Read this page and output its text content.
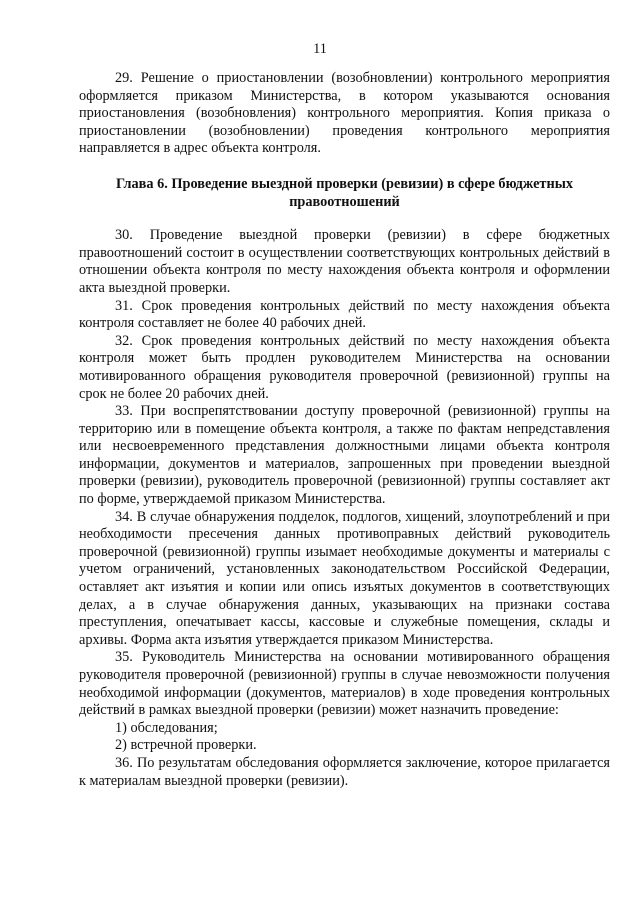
11

29. Решение о приостановлении (возобновлении) контрольного мероприятия оформляется приказом Министерства, в котором указываются основания приостановления (возобновления) контрольного мероприятия. Копия приказа о приостановлении (возобновлении) проведения контрольного мероприятия направляется в адрес объекта контроля.

Глава 6. Проведение выездной проверки (ревизии) в сфере бюджетных правоотношений

30. Проведение выездной проверки (ревизии) в сфере бюджетных правоотношений состоит в осуществлении соответствующих контрольных действий в отношении объекта контроля по месту нахождения объекта контроля и оформлении акта выездной проверки.

31. Срок проведения контрольных действий по месту нахождения объекта контроля составляет не более 40 рабочих дней.

32. Срок проведения контрольных действий по месту нахождения объекта контроля может быть продлен руководителем Министерства на основании мотивированного обращения руководителя проверочной (ревизионной) группы на срок не более 20 рабочих дней.

33. При воспрепятствовании доступу проверочной (ревизионной) группы на территорию или в помещение объекта контроля, а также по фактам непредставления или несвоевременного представления должностными лицами объекта контроля информации, документов и материалов, запрошенных при проведении выездной проверки (ревизии), руководитель проверочной (ревизионной) группы составляет акт по форме, утверждаемой приказом Министерства.

34. В случае обнаружения подделок, подлогов, хищений, злоупотреблений и при необходимости пресечения данных противоправных действий руководитель проверочной (ревизионной) группы изымает необходимые документы и материалы с учетом ограничений, установленных законодательством Российской Федерации, оставляет акт изъятия и копии или опись изъятых документов в соответствующих делах, а в случае обнаружения данных, указывающих на признаки состава преступления, опечатывает кассы, кассовые и служебные помещения, склады и архивы. Форма акта изъятия утверждается приказом Министерства.

35. Руководитель Министерства на основании мотивированного обращения руководителя проверочной (ревизионной) группы в случае невозможности получения необходимой информации (документов, материалов) в ходе проведения контрольных действий в рамках выездной проверки (ревизии) может назначить проведение:

1) обследования;

2) встречной проверки.

36. По результатам обследования оформляется заключение, которое прилагается к материалам выездной проверки (ревизии).
